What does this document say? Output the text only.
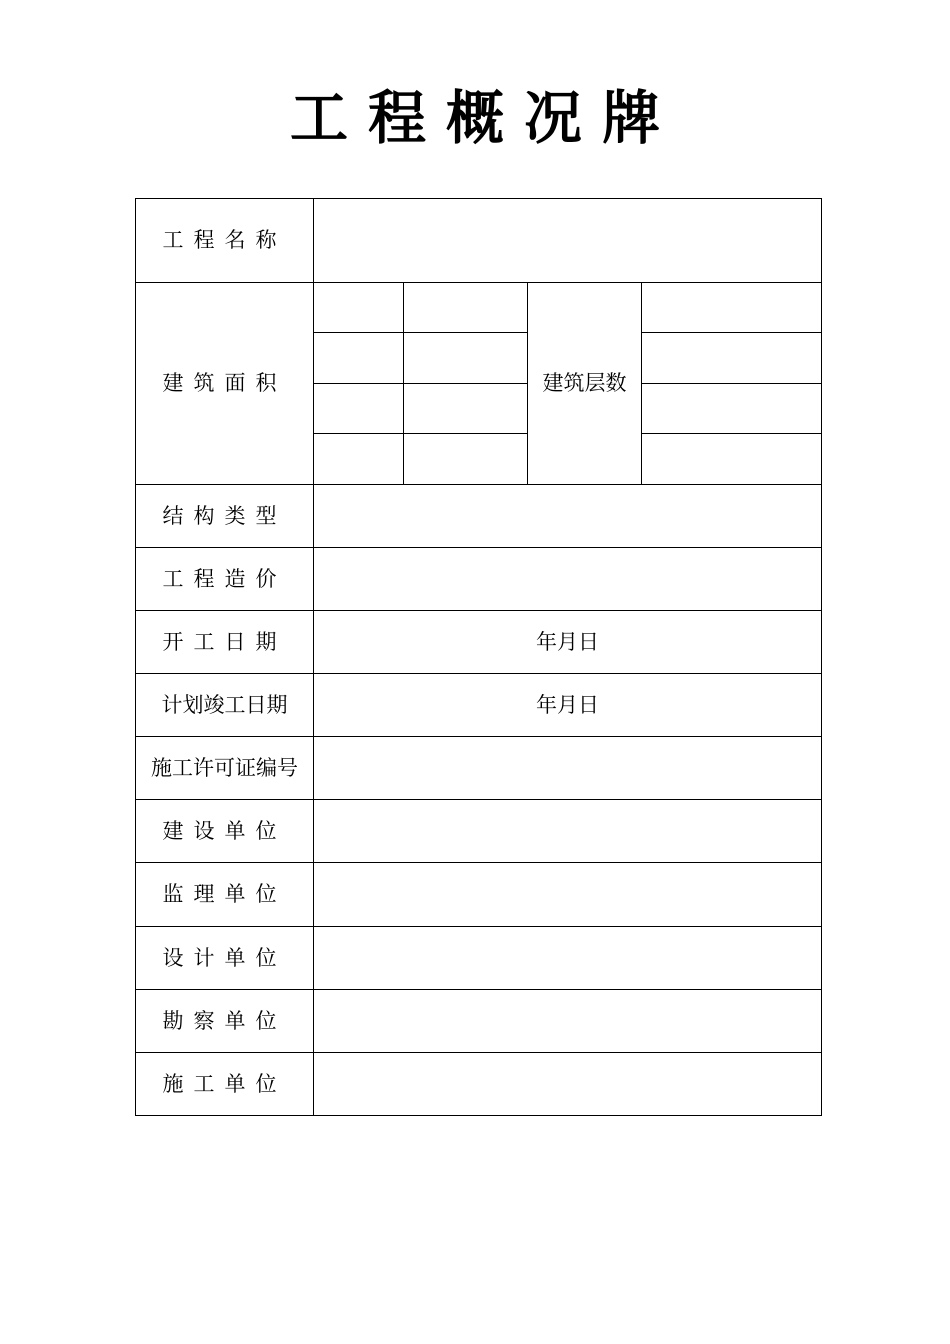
工程概况牌
工程名称				
建筑面积			建筑层数	

结构类型				
工程造价				
开工日期	年月日			
计划竣工日期	年月日			
施工许可证编号				
建设单位				
监理单位				
设计单位				
勘察单位				
施工单位				
